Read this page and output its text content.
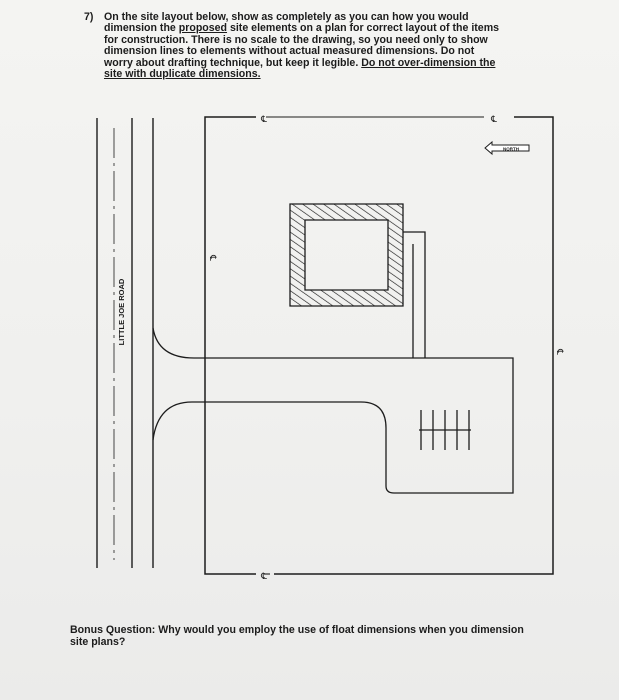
7) On the site layout below, show as completely as you can how you would
dimension the proposed site elements on a plan for correct layout of the items
for construction. There is no scale to the drawing, so you need only to show
dimension lines to elements without actual measured dimensions. Do not
worry about drafting technique, but keep it legible. Do not over-dimension the
site with duplicate dimensions.
LITTLE JOE ROAD
℄	℄
℄
℄
℄
NORTH
Bonus Question: Why would you employ the use of float dimensions when you dimension site plans?
